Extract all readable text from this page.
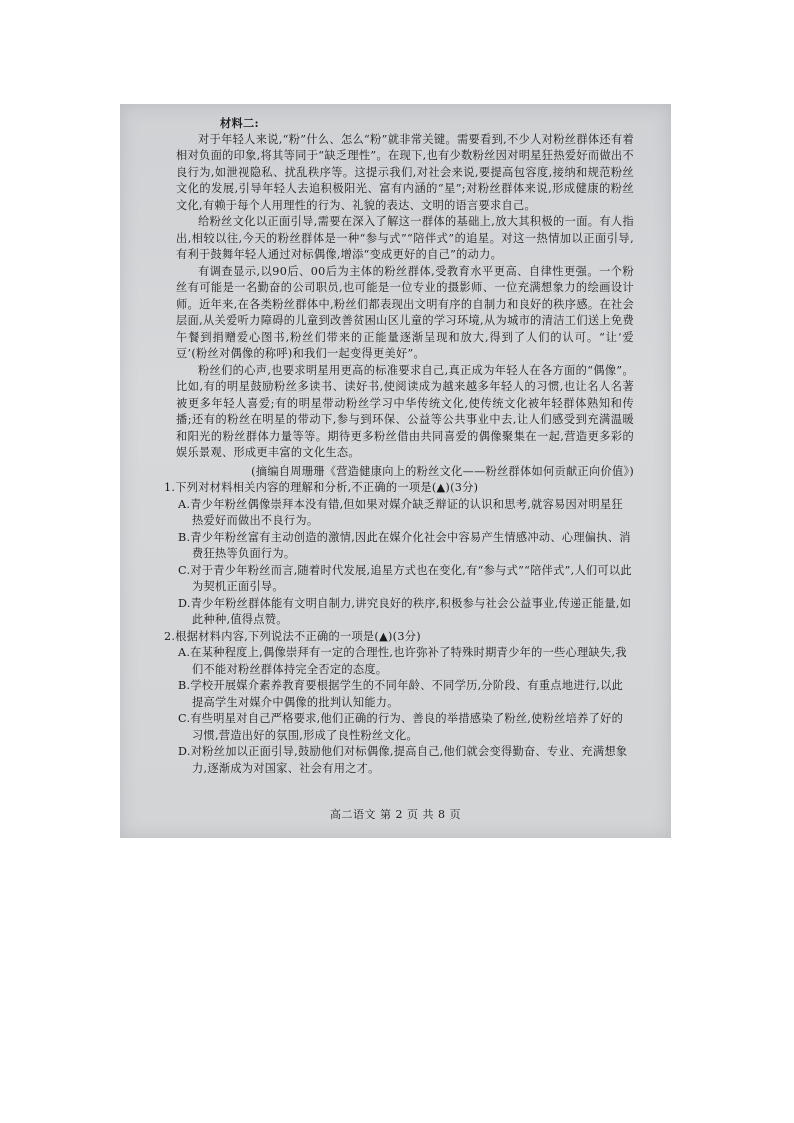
材料二:

对于年轻人来说,“粉”什么、怎么“粉”就非常关键。需要看到,不少人对粉丝群体还有着相对负面的印象,将其等同于“缺乏理性”。在现下,也有少数粉丝因对明星狂热爱好而做出不良行为,如泄视隐私、扰乱秩序等。这提示我们,对社会来说,要提高包容度,接纳和规范粉丝文化的发展,引导年轻人去追积极阳光、富有内涵的“星”;对粉丝群体来说,形成健康的粉丝文化,有赖于每个人用理性的行为、礼貌的表达、文明的语言要求自己。

给粉丝文化以正面引导,需要在深入了解这一群体的基础上,放大其积极的一面。有人指出,相较以往,今天的粉丝群体是一种“参与式”“陪伴式”的追星。对这一热情加以正面引导,有利于鼓舞年轻人通过对标偶像,增添“变成更好的自己”的动力。

有调查显示,以90后、00后为主体的粉丝群体,受教育水平更高、自律性更强。一个粉丝有可能是一名勤奋的公司职员,也可能是一位专业的摄影师、一位充满想象力的绘画设计师。近年来,在各类粉丝群体中,粉丝们都表现出文明有序的自制力和良好的秩序感。在社会层面,从关爱听力障碍的儿童到改善贫困山区儿童的学习环境,从为城市的清洁工们送上免费午餐到捐赠爱心图书,粉丝们带来的正能量逐渐呈现和放大,得到了人们的认可。“让‘爱豆’(粉丝对偶像的称呼)和我们一起变得更美好”。

粉丝们的心声,也要求明星用更高的标准要求自己,真正成为年轻人在各方面的“偶像”。比如,有的明星鼓励粉丝多读书、读好书,使阅读成为越来越多年轻人的习惯,也让名人名著被更多年轻人喜爱;有的明星带动粉丝学习中华传统文化,使传统文化被年轻群体熟知和传播;还有的粉丝在明星的带动下,参与到环保、公益等公共事业中去,让人们感受到充满温暖和阳光的粉丝群体力量等等。期待更多粉丝借由共同喜爱的偶像聚集在一起,营造更多彩的娱乐景观、形成更丰富的文化生态。

(摘编自周珊珊《营造健康向上的粉丝文化——粉丝群体如何贡献正向价值》)
1.下列对材料相关内容的理解和分析,不正确的一项是(▲)(3分)
A.青少年粉丝偶像崇拜本没有错,但如果对媒介缺乏辩证的认识和思考,就容易因对明星狂热爱好而做出不良行为。
B.青少年粉丝富有主动创造的激情,因此在媒介化社会中容易产生情感冲动、心理偏执、消费狂热等负面行为。
C.对于青少年粉丝而言,随着时代发展,追星方式也在变化,有“参与式”“陪伴式”,人们可以此为契机正面引导。
D.青少年粉丝群体能有文明自制力,讲究良好的秩序,积极参与社会公益事业,传递正能量,如此种种,值得点赞。
2.根据材料内容,下列说法不正确的一项是(▲)(3分)
A.在某种程度上,偶像崇拜有一定的合理性,也许弥补了特殊时期青少年的一些心理缺失,我们不能对粉丝群体持完全否定的态度。
B.学校开展媒介素养教育要根据学生的不同年龄、不同学历,分阶段、有重点地进行,以此提高学生对媒介中偶像的批判认知能力。
C.有些明星对自己严格要求,他们正确的行为、善良的举措感染了粉丝,使粉丝培养了好的习惯,营造出好的氛围,形成了良性粉丝文化。
D.对粉丝加以正面引导,鼓励他们对标偶像,提高自己,他们就会变得勤奋、专业、充满想象力,逐渐成为对国家、社会有用之才。
高二语文 第 2 页 共 8 页
